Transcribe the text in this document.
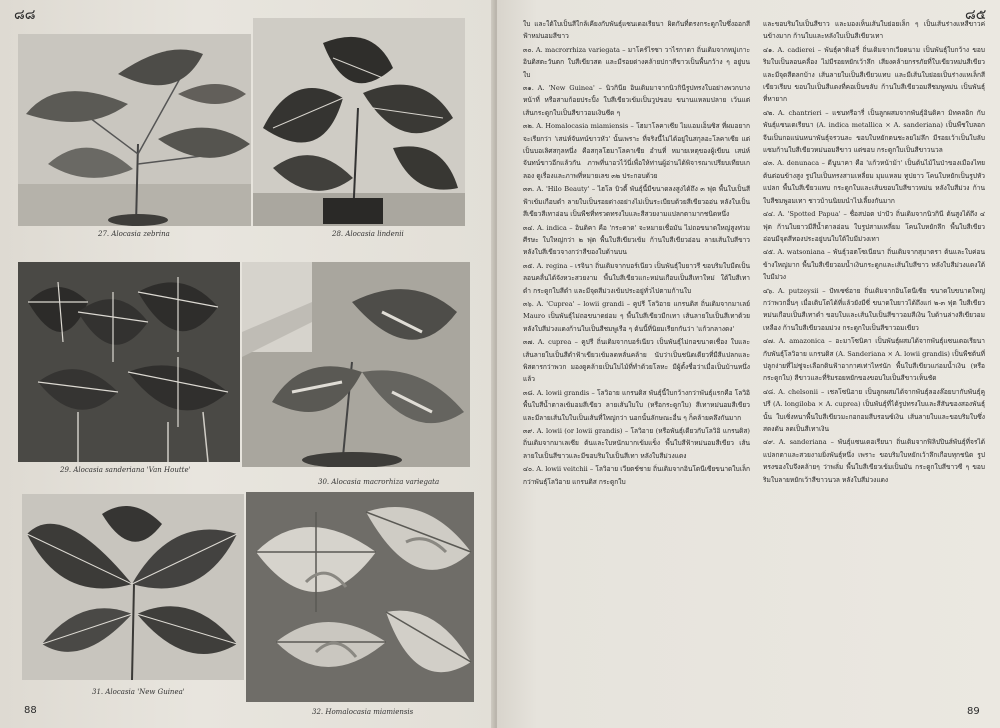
๘๘
27. Alocasia zebrina	28. Alocasia lindenii
29. Alocasia sanderiana 'Van Houtte'
30. Alocasia macrorhiza variegata
31. Alocasia 'New Guinea'
32. Homalocasia miamiensis
88
๘๕

ใบ และใต้ใบเป็นสีใกล้เคียงกับพันธุ์แซนเดอเรียนา ผิดกันที่ตรงกระดูกใบซึ่งออกสีฟ้าหม่นอมสีขาว

๓๐. A. macrorrhiza variegata – มาโคร์ไรซา วาไรกาตา ถิ่นเดิมจากหมู่เกาะอินดิสตะวันตก ใบสีเขียวสด และมีรอยด่างคล้ายปกาสีขาวเป็นพื้นกว้าง ๆ อยู่บนใบ

๓๑. A. 'New Guinea' – นิวกินีย อินเดิมมาจากนิวกินีรูปทรงใบอย่างพวกบางหน้าที่ หรือสามก้อยประปิ้ง ใบสีเขียวเข้มเป็นวูปขอบ ขนานแหลมปลาย เว้นแต่เส้นกระดูกใบเป็นสีขาวอมเงินซีด ๆ

๓๒. A. Homalocasia miamiensis – โฮมาโลคาเซีย ไมแอมเอ็นซิส ที่ผมอยากจะเรียกว่า 'เสน่ห์จันทน์ขาวหัว' นั้นเพราะ ที่จริงนี้ไม่ได้อยู่ในสกุลอะโลคาเซีย แต่เป็นบอเลิศสกุลหนึ่ง คือสกุลโฮมาโลคาเซีย อำนที่ หมายเหตุของผู้เขียน เสน่ห์จันทน์ขาวอีกแล้วกัน ภาพที่นาอวไว้นี่เพื่อให้ท่านผู้อ่านได้พิจารณาเปรียบเทียบเกลอง ดูเรื่องและภาพที่หมายเลข ๓๒ ประกอบด้วย

๓๓. A. 'Hilo Beauty' – ไฮโล บิวตี้ พันธุ์นี้มีขนาดลงสูงได้ถึง ๓ ฟุต พื้นใบเป็นสีฟ้าเข้มเกือบดำ ลายใบเป็นรอยด่างอย่างไม่เป็นระเบียบด้วยสีเขียวออ่น หลังใบเป็นสีเขียวสีเทาอ่อน เป็นพืชที่ทรวดทรงใบและสีสวยงามแปลกตามากชนิดหนึ่ง

๓๔. A. indica – อินดิคา คือ 'กระดาด' จะหมายเชื่อมัน ไม่ถอขนาดใหญ่สูงท่วมศีรษะ ใบใหญ่กว่า ๒ ฟุต พื้นใบสีเขียวเข้ม ก้านใบสีเขียวอ่อน ลายเส้นใบสีขาว หลังใบสีเขียวจางกว่าสีของใบด้านบน

๓๕. A. regina – เรจินา ถิ่นเดิมจากบอร์เนียว เป็นพันธุ์ใบยาวรี ขอบริมใบมีตเป็นลอนคลื่นได้จังหวะสวยงาม พื้นใบสีเขียวแกะหม่นเกือบเป็นสีเทาใหม่ ใต้ใบสีเทาดำ กระดูกใบสีดำ และมีจุดสีม่วงเข้มประอยู่ทั่วไปตามก้านใบ

๓๖. A. 'Cuprea' – lowii grandi – คูปรี โลวิอาย แกรนดิส ถิ่นเดิมจากมาเลย์ Mauro เป็นพันธุ์ไม่ถอขนาดย่อม ๆ พื้นใบสีเขียวมีกเทา เส้นลายใบเป็นสีเทาด้วย หลังใบสีม่วงแดงก้านใบเป็นสีชมพูเรือ ๆ ต้นนี้ที่นิยมเรียกกันว่า 'แก้วกลางดง'

๓๗. A. cuprea – คูปรี ถิ่นเดิมจากบอร์เนียว เป็นพันธุ์ไม่กอขนาดเชื่อง ใบและเส้นลายใบเป็นสีดำฟ้าเขียวเข้มลดหลั่นคล้าย นับว่าเป็นชนิดเดียวที่มีสีแปลกและพิสดารกว่าพวก มองดูคล้ายเป็นใบไม้ที่ทำด้วยโลหะ มีผู้ตั้งชื่อว่าเมื่อเป็นบ้านหนึ่งแล้ว

๓๘. A. lowii grandis – โลวิอาย แกรนดิส พันธุ์นี้ใบกว้างกว่าพันธุ์แรกคือ โลวิอิ พื้นใบสีน้ำตาลเข้มอมสีเขียว ลายเส้นใบใบ (หรือกระดูกใบ) สีเทาหม่นอมสีเขียว และมีลายเส้นใบใบเป็นเส้นที่ใหญ่กว่า นอกนั้นลักษณะอื่น ๆ ก็คล้ายคลึงกันมาก

๓๙. A. lowii (or lowii grandis) – โลวิอาย (หรือพันธุ์เดียวกับโลวิอิ แกรนดิส) ถิ่นเดิมจากมาเลเซีย ต้นและใบหนักมากเข้มแข็ง พื้นใบสีฟ้าหม่นอมสีเขียว เส้นลายใบเป็นสีขาวและมีขอบริมใบเป็นสีเทา หลังใบสีม่วงแดง

๔๐. A. lowii veitchii – โลวิอาย เวียตช์ชาย ถิ่นเดิมจากอินโดนีเซียขนาดใบเล็กกว่าพันธุ์โลวิอาย แกรนดิส กระดูกใบ

และขอบริมใบเป็นสีขาว และมองเห็นเส้นใบย่อยเล็ก ๆ เป็นเส้นร่างแหสีขาวค่นข้างมาก ก้านใบและหลังใบเป็นสีเขียวเทา

๔๑. A. cadierei – พันธุ์คาดิเอรี่ ถิ่นเดิมจากเวียดนาม เป็นพันธุ์ใบกว้าง ขอบริมใบเป็นลอนคลื่อง ไม่มีรอยหยักเว้าลึก เสียงคล้ายกรรภัยที่ใบเขียวหม่นสีเขียวและมีจุดสีตลกบ้าง เส้นลายใบเป็นสีเขียวแทบ และมีเส้นใบย่อยเป็นร่างแหเล็กสีเขียวเรียบ ขอบใบเป็นสีแดงที่คอเป็นขลับ ก้านใบสีเขียวอมสีชมพูหม่น เป็นพันธุ์ที่หายาก

๔๒. A. chantrieri – แชนทรีอารี่ เป็นลูกผสมจากพันธุ์อินดิคา มิทคลอิก กับพันธุ์แซนเดเรียนา (A. indica metallica × A. sanderiana) เป็นพืชใบลอก จีนเป็นกอแน่นหนาพันธุ์จรวนละ ขอบใบหยักตนชะลยไม่ลึก มีรอยเว้าเป็นใบลับแซมก้านใบสีเขียวหม่นอมสีขาว แต่ขอบ กระดูกใบเป็นสีขาวนวล

๔๓. A. denunaca – ดีนูนาคา คือ 'แก้วหน้าม้า' เป็นต้นไม้ในป่าของเมืองไทย ต้นต่อนข้างสูง รูปใบเป็นทรงสามเหลี่ยม มุมแหลม ทูปยาว โคนใบหยักเป็นรูปหัวแปลก พื้นใบสีเขียวแทบ กระดูกใบและเส้นขอบใบสีขาวหม่น หลังใบสีม่วง ก้านใบสีชมพูอมเทา ชาวบ้านนิยมนำไปเลี้ยงกันมาก

๔๔. A. 'Spotted Papua' – ชื่อสปอต ปาปัว ถิ่นเดิมจากนิวกินี ต้นสูงได้ถึง ๔ ฟุต ก้านใบยาวมีสีน้ำตาลอ่อน ใบรูปสามเหลี่ยม โคนใบหยักลึก พื้นใบสีเขียวอ่อนมีจุดสีทองประอยู่บนใบใต้ใบมีม่วงเทา

๔๕. A. watsoniana – พันธุ์วอตโซเนียนา ถิ่นเดิมจากสุมาตรา ต้นและใบค่อนข้างใหญ่มาก พื้นใบสีเขียวอมน้ำเงินกระดูกและเส้นใบสีขาว หลังใบสีม่วงแดงใต้ใบมีม่วง

๔๖. A. putzeysii – ปัทเซซ์อาย ถิ่นเดิมจากอินโดนีเซีย ขนาดใบขนาดใหญ่กว่าพวกอื่นๆ เมื่อเติบโตได้ที่แล้วยังมีซี่ ขนาดใบยาวได้ถึงแก่ ๒-๓ ฟุต ใบสีเขียวหม่นเกือบเป็นสีเทาดำ ขอบใบและเส้นใบเป็นสีขาวอมสีเงิน ใบด้านล่างสีเขียวอมเหลือง ก้านใบสีเขียวอมม่วง กระดูกใบเป็นสีขาวอมเขียว

๔๗. A. amazonica – อะมาโซนิคา เป็นพันธุ์ผสมได้จากพันธุ์แซนเดอเรียนา กับพันธุ์โลวิอาย แกรนดิส (A. Sanderiana × A. lowii grandis) เป็นพืชต้นที่ปลูกง่ายที่ไม่ซู่จะเลือกดินฟ้าอากาศเท่าไหร่นัก พื้นใบสีเขียวแก่อมน้ำเงิน (หรือกระดูกใบ) สีขาวและที่ริมรอยหยักของขอบใบเป็นสีขาวเห็นชัด

๔๘. A. chelsonii – เชลโซนิอาย เป็นลูกผสมได้จากพันธุ์ลองล๊อยบากับพันธุ์คูปรี (A. longiloba × A. cuprea) เป็นพันธุ์ที่ได้รูปทรงใบและสีสันของสองพันธุ์นั้น ใบเซิ่งหนาพื้นใบสีเขียวมะกอกอมสีบรอนซ์เงิน เส้นลายใบและขอบริมใบซึ่งสดงดัน ลดเป็นสีเทาเงิน

๔๙. A. sanderiana – พันธุ์แซนเดอเรียนา ถิ่นเดิมจากฟิลิปปินส์พันธุ์ที่จรได้แปลกตาและสวยงามยิ่งพันธุ์หนึ่ง เพราะ ขอบริมใบหยักเว้าลึกเกือบทุกชนิด รูปทรงของใบจึงคล้ายๆ ว่าพลั่ม พื้นใบสีเขียวเข้มเป็นมัน กระดูกใบสีขาวซี ๆ ขอบริมใบลายหยักเว้าสีขาวนวล หลังใบสีม่วงแดง

89
